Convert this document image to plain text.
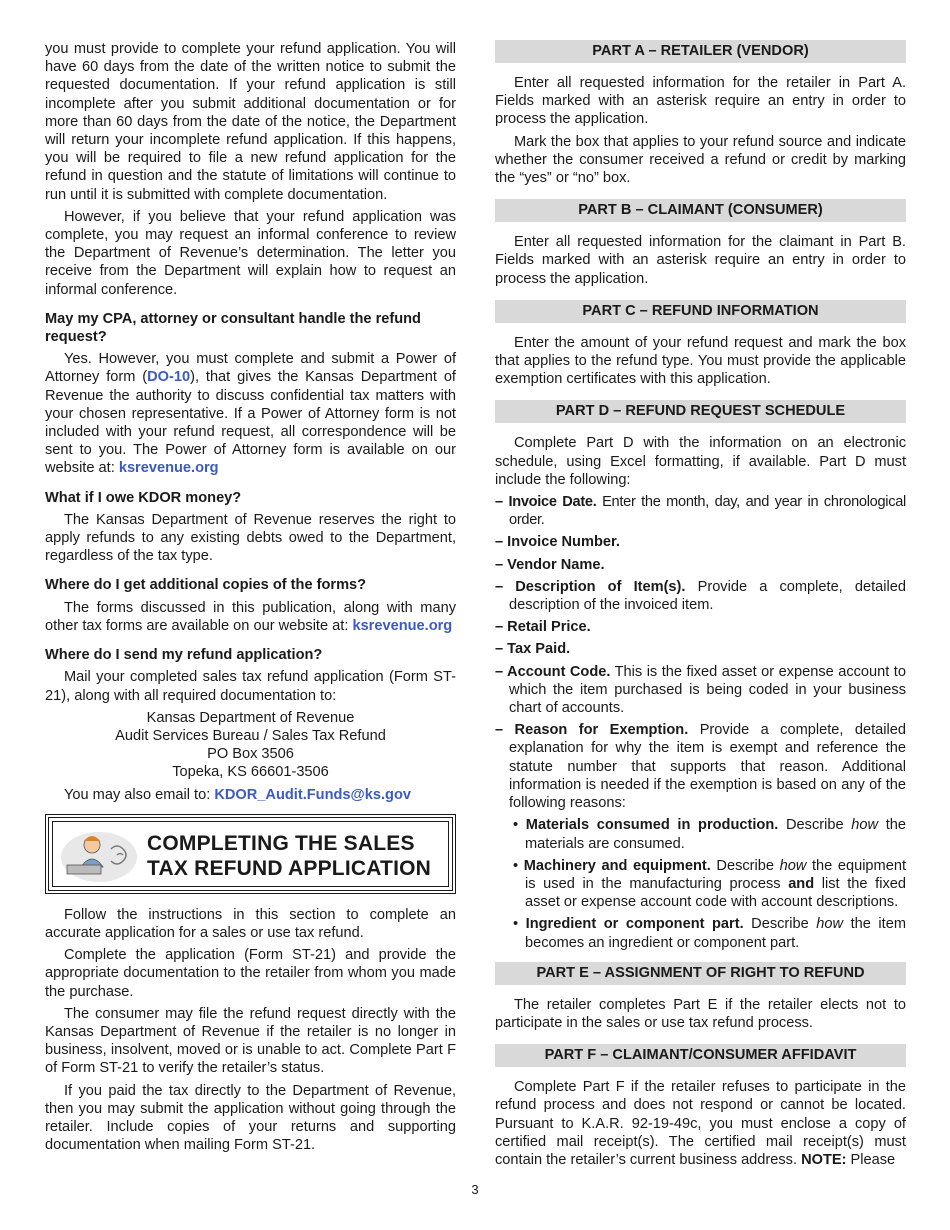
you must provide to complete your refund application. You will have 60 days from the date of the written notice to submit the requested documentation. If your refund application is still incomplete after you submit additional documentation or for more than 60 days from the date of the notice, the Department will return your incomplete refund application. If this happens, you will be required to file a new refund application for the refund in question and the statute of limitations will continue to run until it is submitted with complete documentation.

However, if you believe that your refund application was complete, you may request an informal conference to review the Department of Revenue’s determination. The letter you receive from the Department will explain how to request an informal conference.

May my CPA, attorney or consultant handle the refund request?

Yes. However, you must complete and submit a Power of Attorney form (DO-10), that gives the Kansas Department of Revenue the authority to discuss confidential tax matters with your chosen representative. If a Power of Attorney form is not included with your refund request, all correspondence will be sent to you. The Power of Attorney form is available on our website at: ksrevenue.org

What if I owe KDOR money?

The Kansas Department of Revenue reserves the right to apply refunds to any existing debts owed to the Department, regardless of the tax type.

Where do I get additional copies of the forms?

The forms discussed in this publication, along with many other tax forms are available on our website at: ksrevenue.org

Where do I send my refund application?

Mail your completed sales tax refund application (Form ST-21), along with all required documentation to:

Kansas Department of Revenue

Audit Services Bureau / Sales Tax Refund

PO Box 3506

Topeka, KS 66601-3506

You may also email to: KDOR_Audit.Funds@ks.gov

COMPLETING THE SALES
TAX REFUND APPLICATION

Follow the instructions in this section to complete an accurate application for a sales or use tax refund.

Complete the application (Form ST-21) and provide the appropriate documentation to the retailer from whom you made the purchase.

The consumer may file the refund request directly with the Kansas Department of Revenue if the retailer is no longer in business, insolvent, moved or is unable to act. Complete Part F of Form ST-21 to verify the retailer’s status.

If you paid the tax directly to the Department of Revenue, then you may submit the application without going through the retailer. Include copies of your returns and supporting documentation when mailing Form ST-21.

PART A – RETAILER (VENDOR)

Enter all requested information for the retailer in Part A. Fields marked with an asterisk require an entry in order to process the application.

Mark the box that applies to your refund source and indicate whether the consumer received a refund or credit by marking the “yes” or “no” box.

PART B – CLAIMANT (CONSUMER)

Enter all requested information for the claimant in Part B. Fields marked with an asterisk require an entry in order to process the application.

PART C – REFUND INFORMATION

Enter the amount of your refund request and mark the box that applies to the refund type. You must provide the applicable exemption certificates with this application.

PART D – REFUND REQUEST SCHEDULE

Complete Part D with the information on an electronic schedule, using Excel formatting, if available. Part D must include the following:

– Invoice Date. Enter the month, day, and year in chronological order.
– Invoice Number.
– Vendor Name.
– Description of Item(s). Provide a complete, detailed description of the invoiced item.
– Retail Price.
– Tax Paid.
– Account Code. This is the fixed asset or expense account to which the item purchased is being coded in your business chart of accounts.
– Reason for Exemption. Provide a complete, detailed explanation for why the item is exempt and reference the statute number that supports that reason. Additional information is needed if the exemption is based on any of the following reasons:
• Materials consumed in production. Describe how the materials are consumed.
• Machinery and equipment. Describe how the equipment is used in the manufacturing process and list the fixed asset or expense account code with account descriptions.
• Ingredient or component part. Describe how the item becomes an ingredient or component part.
PART E – ASSIGNMENT OF RIGHT TO REFUND

The retailer completes Part E if the retailer elects not to participate in the sales or use tax refund process.

PART F – CLAIMANT/CONSUMER AFFIDAVIT

Complete Part F if the retailer refuses to participate in the refund process and does not respond or cannot be located. Pursuant to K.A.R. 92-19-49c, you must enclose a copy of certified mail receipt(s). The certified mail receipt(s) must contain the retailer’s current business address. NOTE: Please

3
